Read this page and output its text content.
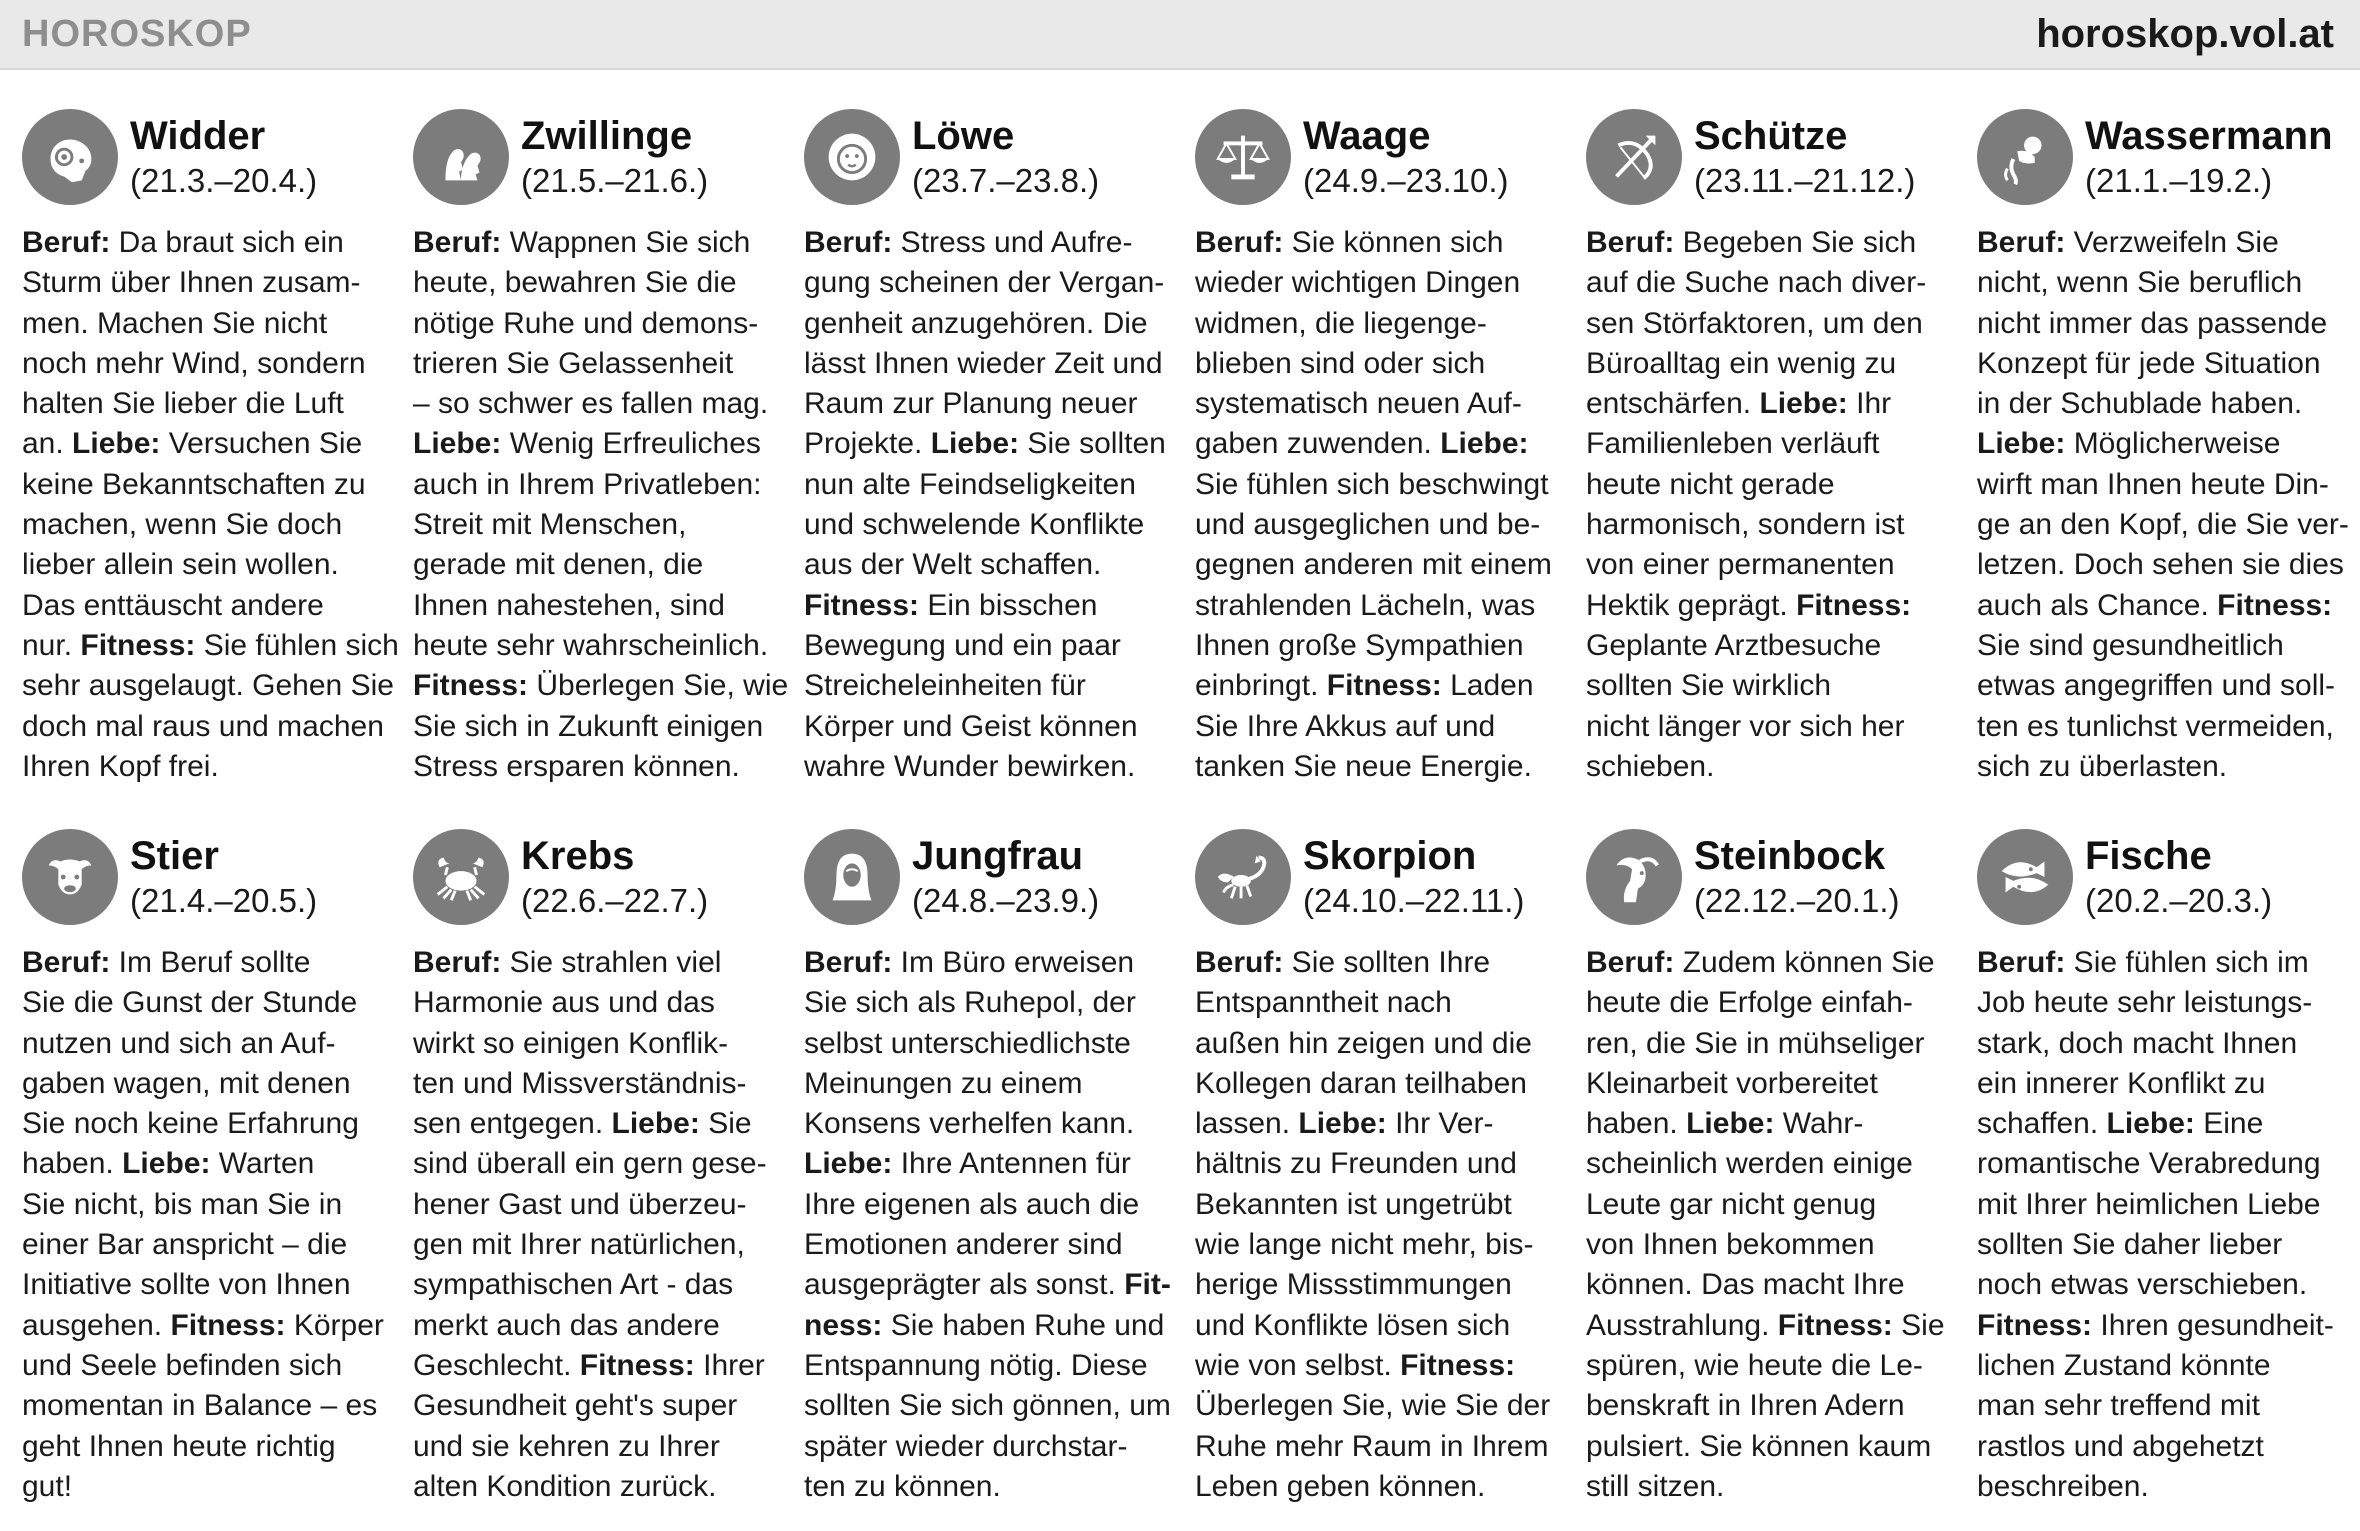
HOROSKOP	horoskop.vol.at
Widder
(21.3.–20.4.)
Beruf: Da braut sich ein
Sturm über Ihnen zusam-
men. Machen Sie nicht
noch mehr Wind, sondern
halten Sie lieber die Luft
an. Liebe: Versuchen Sie
keine Bekanntschaften zu
machen, wenn Sie doch
lieber allein sein wollen.
Das enttäuscht andere
nur. Fitness: Sie fühlen sich
sehr ausgelaugt. Gehen Sie
doch mal raus und machen
Ihren Kopf frei.
Zwillinge
(21.5.–21.6.)
Beruf: Wappnen Sie sich
heute, bewahren Sie die
nötige Ruhe und demons-
trieren Sie Gelassenheit
– so schwer es fallen mag.
Liebe: Wenig Erfreuliches
auch in Ihrem Privatleben:
Streit mit Menschen,
gerade mit denen, die
Ihnen nahestehen, sind
heute sehr wahrscheinlich.
Fitness: Überlegen Sie, wie
Sie sich in Zukunft einigen
Stress ersparen können.
Löwe
(23.7.–23.8.)
Beruf: Stress und Aufre-
gung scheinen der Vergan-
genheit anzugehören. Die
lässt Ihnen wieder Zeit und
Raum zur Planung neuer
Projekte. Liebe: Sie sollten
nun alte Feindseligkeiten
und schwelende Konflikte
aus der Welt schaffen.
Fitness: Ein bisschen
Bewegung und ein paar
Streicheleinheiten für
Körper und Geist können
wahre Wunder bewirken.
Waage
(24.9.–23.10.)
Beruf: Sie können sich
wieder wichtigen Dingen
widmen, die liegenge-
blieben sind oder sich
systematisch neuen Auf-
gaben zuwenden. Liebe:
Sie fühlen sich beschwingt
und ausgeglichen und be-
gegnen anderen mit einem
strahlenden Lächeln, was
Ihnen große Sympathien
einbringt. Fitness: Laden
Sie Ihre Akkus auf und
tanken Sie neue Energie.
Schütze
(23.11.–21.12.)
Beruf: Begeben Sie sich
auf die Suche nach diver-
sen Störfaktoren, um den
Büroalltag ein wenig zu
entschärfen. Liebe: Ihr
Familienleben verläuft
heute nicht gerade
harmonisch, sondern ist
von einer permanenten
Hektik geprägt. Fitness:
Geplante Arztbesuche
sollten Sie wirklich
nicht länger vor sich her
schieben.
Wassermann
(21.1.–19.2.)
Beruf: Verzweifeln Sie
nicht, wenn Sie beruflich
nicht immer das passende
Konzept für jede Situation
in der Schublade haben.
Liebe: Möglicherweise
wirft man Ihnen heute Din-
ge an den Kopf, die Sie ver-
letzen. Doch sehen sie dies
auch als Chance. Fitness:
Sie sind gesundheitlich
etwas angegriffen und soll-
ten es tunlichst vermeiden,
sich zu überlasten.
Stier
(21.4.–20.5.)
Beruf: Im Beruf sollte
Sie die Gunst der Stunde
nutzen und sich an Auf-
gaben wagen, mit denen
Sie noch keine Erfahrung
haben. Liebe: Warten
Sie nicht, bis man Sie in
einer Bar anspricht – die
Initiative sollte von Ihnen
ausgehen. Fitness: Körper
und Seele befinden sich
momentan in Balance – es
geht Ihnen heute richtig
gut!
Krebs
(22.6.–22.7.)
Beruf: Sie strahlen viel
Harmonie aus und das
wirkt so einigen Konflik-
ten und Missverständnis-
sen entgegen. Liebe: Sie
sind überall ein gern gese-
hener Gast und überzeu-
gen mit Ihrer natürlichen,
sympathischen Art - das
merkt auch das andere
Geschlecht. Fitness: Ihrer
Gesundheit geht's super
und sie kehren zu Ihrer
alten Kondition zurück.
Jungfrau
(24.8.–23.9.)
Beruf: Im Büro erweisen
Sie sich als Ruhepol, der
selbst unterschiedlichste
Meinungen zu einem
Konsens verhelfen kann.
Liebe: Ihre Antennen für
Ihre eigenen als auch die
Emotionen anderer sind
ausgeprägter als sonst. Fit-
ness: Sie haben Ruhe und
Entspannung nötig. Diese
sollten Sie sich gönnen, um
später wieder durchstar-
ten zu können.
Skorpion
(24.10.–22.11.)
Beruf: Sie sollten Ihre
Entspanntheit nach
außen hin zeigen und die
Kollegen daran teilhaben
lassen. Liebe: Ihr Ver-
hältnis zu Freunden und
Bekannten ist ungetrübt
wie lange nicht mehr, bis-
herige Missstimmungen
und Konflikte lösen sich
wie von selbst. Fitness:
Überlegen Sie, wie Sie der
Ruhe mehr Raum in Ihrem
Leben geben können.
Steinbock
(22.12.–20.1.)
Beruf: Zudem können Sie
heute die Erfolge einfah-
ren, die Sie in mühseliger
Kleinarbeit vorbereitet
haben. Liebe: Wahr-
scheinlich werden einige
Leute gar nicht genug
von Ihnen bekommen
können. Das macht Ihre
Ausstrahlung. Fitness: Sie
spüren, wie heute die Le-
benskraft in Ihren Adern
pulsiert. Sie können kaum
still sitzen.
Fische
(20.2.–20.3.)
Beruf: Sie fühlen sich im
Job heute sehr leistungs-
stark, doch macht Ihnen
ein innerer Konflikt zu
schaffen. Liebe: Eine
romantische Verabredung
mit Ihrer heimlichen Liebe
sollten Sie daher lieber
noch etwas verschieben.
Fitness: Ihren gesundheit-
lichen Zustand könnte
man sehr treffend mit
rastlos und abgehetzt
beschreiben.
